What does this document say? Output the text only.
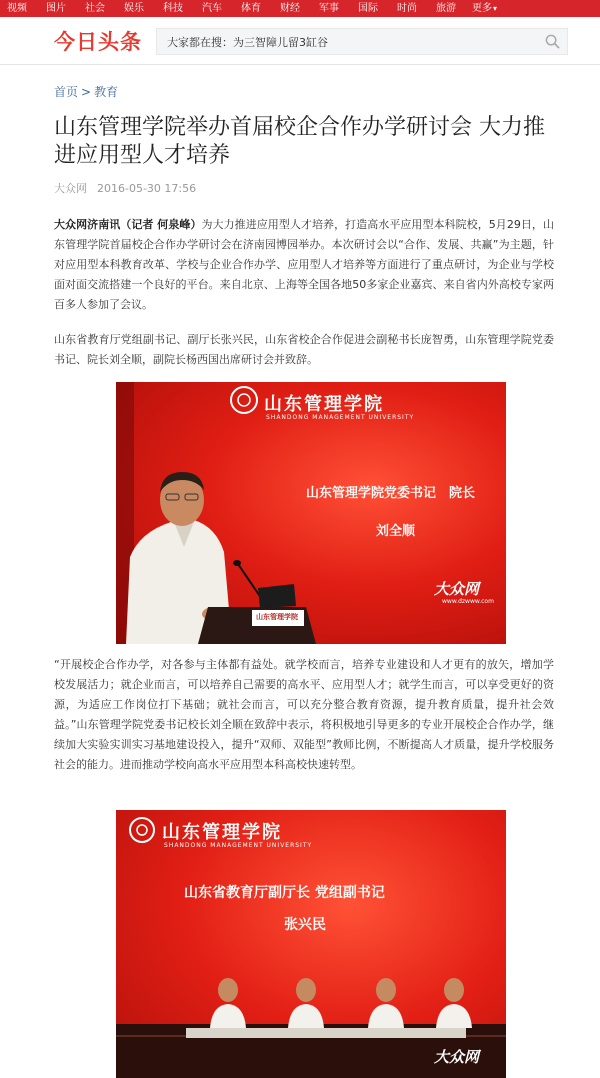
视频	图片	社会	娱乐	科技	汽车	体育	财经	军事	国际	时尚	旅游	更多▾
今日头条
大家都在搜：为三智障儿留3缸谷
首页 > 教育
山东管理学院举办首届校企合作办学研讨会 大力推进应用型人才培养
大众网 2016-05-30 17:56

大众网济南讯（记者 何泉峰）为大力推进应用型人才培养，打造高水平应用型本科院校，5月29日，山东管理学院首届校企合作办学研讨会在济南园博园举办。本次研讨会以“合作、发展、共赢”为主题，针对应用型本科教育改革、学校与企业合作办学、应用型人才培养等方面进行了重点研讨，为企业与学校面对面交流搭建一个良好的平台。来自北京、上海等全国各地50多家企业嘉宾、来自省内外高校专家两百多人参加了会议。

山东省教育厅党组副书记、副厅长张兴民，山东省校企合作促进会副秘书长庞智勇，山东管理学院党委书记、院长刘全顺，副院长杨西国出席研讨会并致辞。

山东管理学院
SHANDONG MANAGEMENT UNIVERSITY
山东管理学院党委书记　院长
刘全顺
山东管理学院
大众网
www.dzwww.com

“开展校企合作办学，对各参与主体都有益处。就学校而言，培养专业建设和人才更有的放矢，增加学校发展活力；就企业而言，可以培养自己需要的高水平、应用型人才；就学生而言，可以享受更好的资源，为适应工作岗位打下基础；就社会而言，可以充分整合教育资源，提升教育质量，提升社会效益。”山东管理学院党委书记校长刘全顺在致辞中表示，将积极地引导更多的专业开展校企合作办学，继续加大实验实训实习基地建设投入，提升“双师、双能型”教师比例，不断提高人才质量，提升学校服务社会的能力。进而推动学校向高水平应用型本科高校快速转型。

山东管理学院
SHANDONG MANAGEMENT UNIVERSITY
山东省教育厅副厅长 党组副书记
张兴民
大众网
